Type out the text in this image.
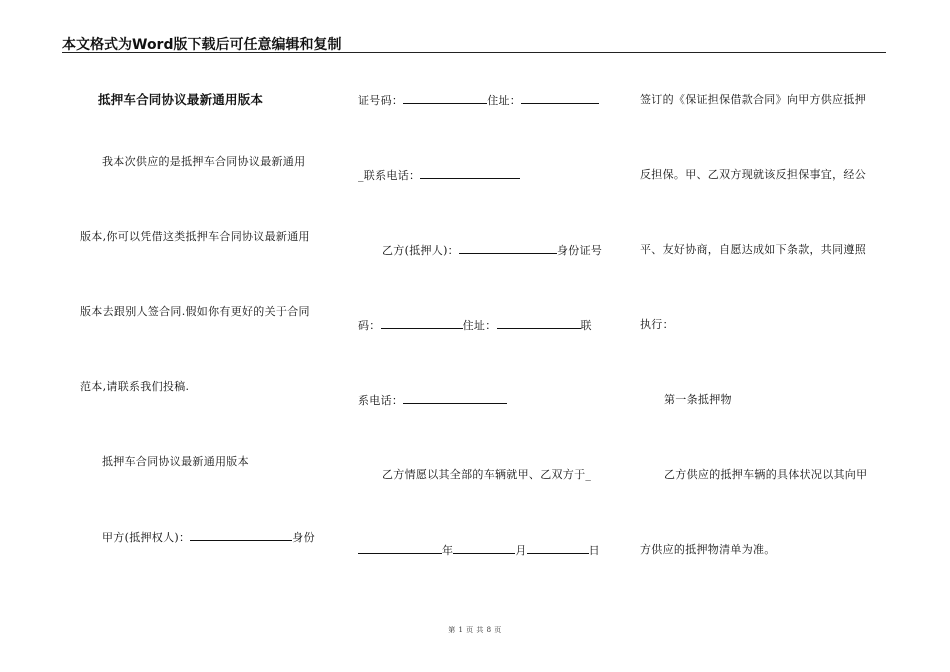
本文格式为Word版下载后可任意编辑和复制
抵押车合同协议最新通用版本
我本次供应的是抵押车合同协议最新通用
版本,你可以凭借这类抵押车合同协议最新通用
版本去跟别人签合同.假如你有更好的关于合同
范本,请联系我们投稿.
抵押车合同协议最新通用版本
甲方(抵押权人)：	身份
证号码：	住址：
_联系电话：
乙方(抵押人)：	身份证号
码：	住址：	联
系电话：
乙方情愿以其全部的车辆就甲、乙双方于_
年	月	日
签订的《保证担保借款合同》向甲方供应抵押
反担保。甲、乙双方现就该反担保事宜，经公
平、友好协商，自愿达成如下条款，共同遵照
执行：
第一条抵押物
乙方供应的抵押车辆的具体状况以其向甲
方供应的抵押物清单为准。
第 1 页 共 8 页
